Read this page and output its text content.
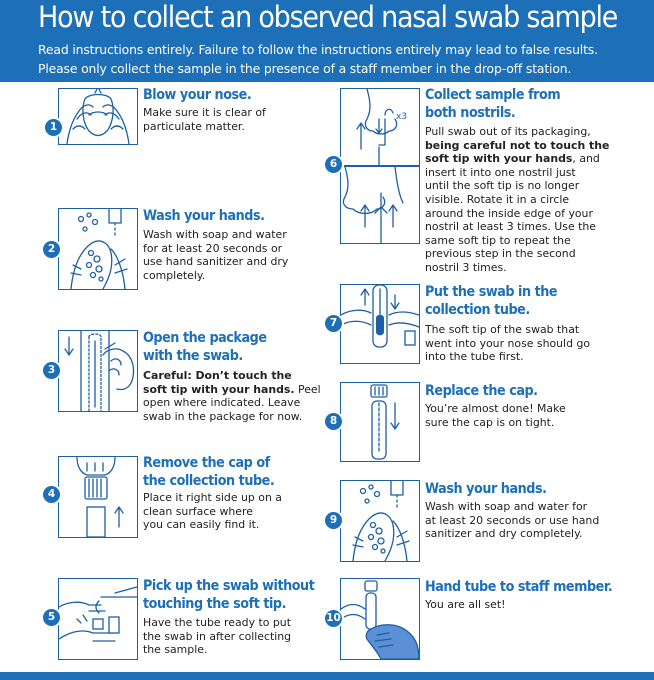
How to collect an observed nasal swab sample
Read instructions entirely. Failure to follow the instructions entirely may lead to false results.
Please only collect the sample in the presence of a staff member in the drop-off station.
1
Blow your nose.
Make sure it is clear of
particulate matter.
2
Wash your hands.
Wash with soap and water
for at least 20 seconds or
use hand sanitizer and dry
completely.
3
Open the package
with the swab.
Careful: Don’t touch the
soft tip with your hands. Peel
open where indicated. Leave
swab in the package for now.
4
Remove the cap of
the collection tube.
Place it right side up on a
clean surface where
you can easily find it.
5
Pick up the swab without
touching the soft tip.
Have the tube ready to put
the swab in after collecting
the sample.
x3
6
Collect sample from
both nostrils.
Pull swab out of its packaging,
being careful not to touch the
soft tip with your hands, and
insert it into one nostril just
until the soft tip is no longer
visible. Rotate it in a circle
around the inside edge of your
nostril at least 3 times. Use the
same soft tip to repeat the
previous step in the second
nostril 3 times.
7
Put the swab in the
collection tube.
The soft tip of the swab that
went into your nose should go
into the tube first.
8
Replace the cap.
You’re almost done! Make
sure the cap is on tight.
9
Wash your hands.
Wash with soap and water for
at least 20 seconds or use hand
sanitizer and dry completely.
10
Hand tube to staff member.
You are all set!
